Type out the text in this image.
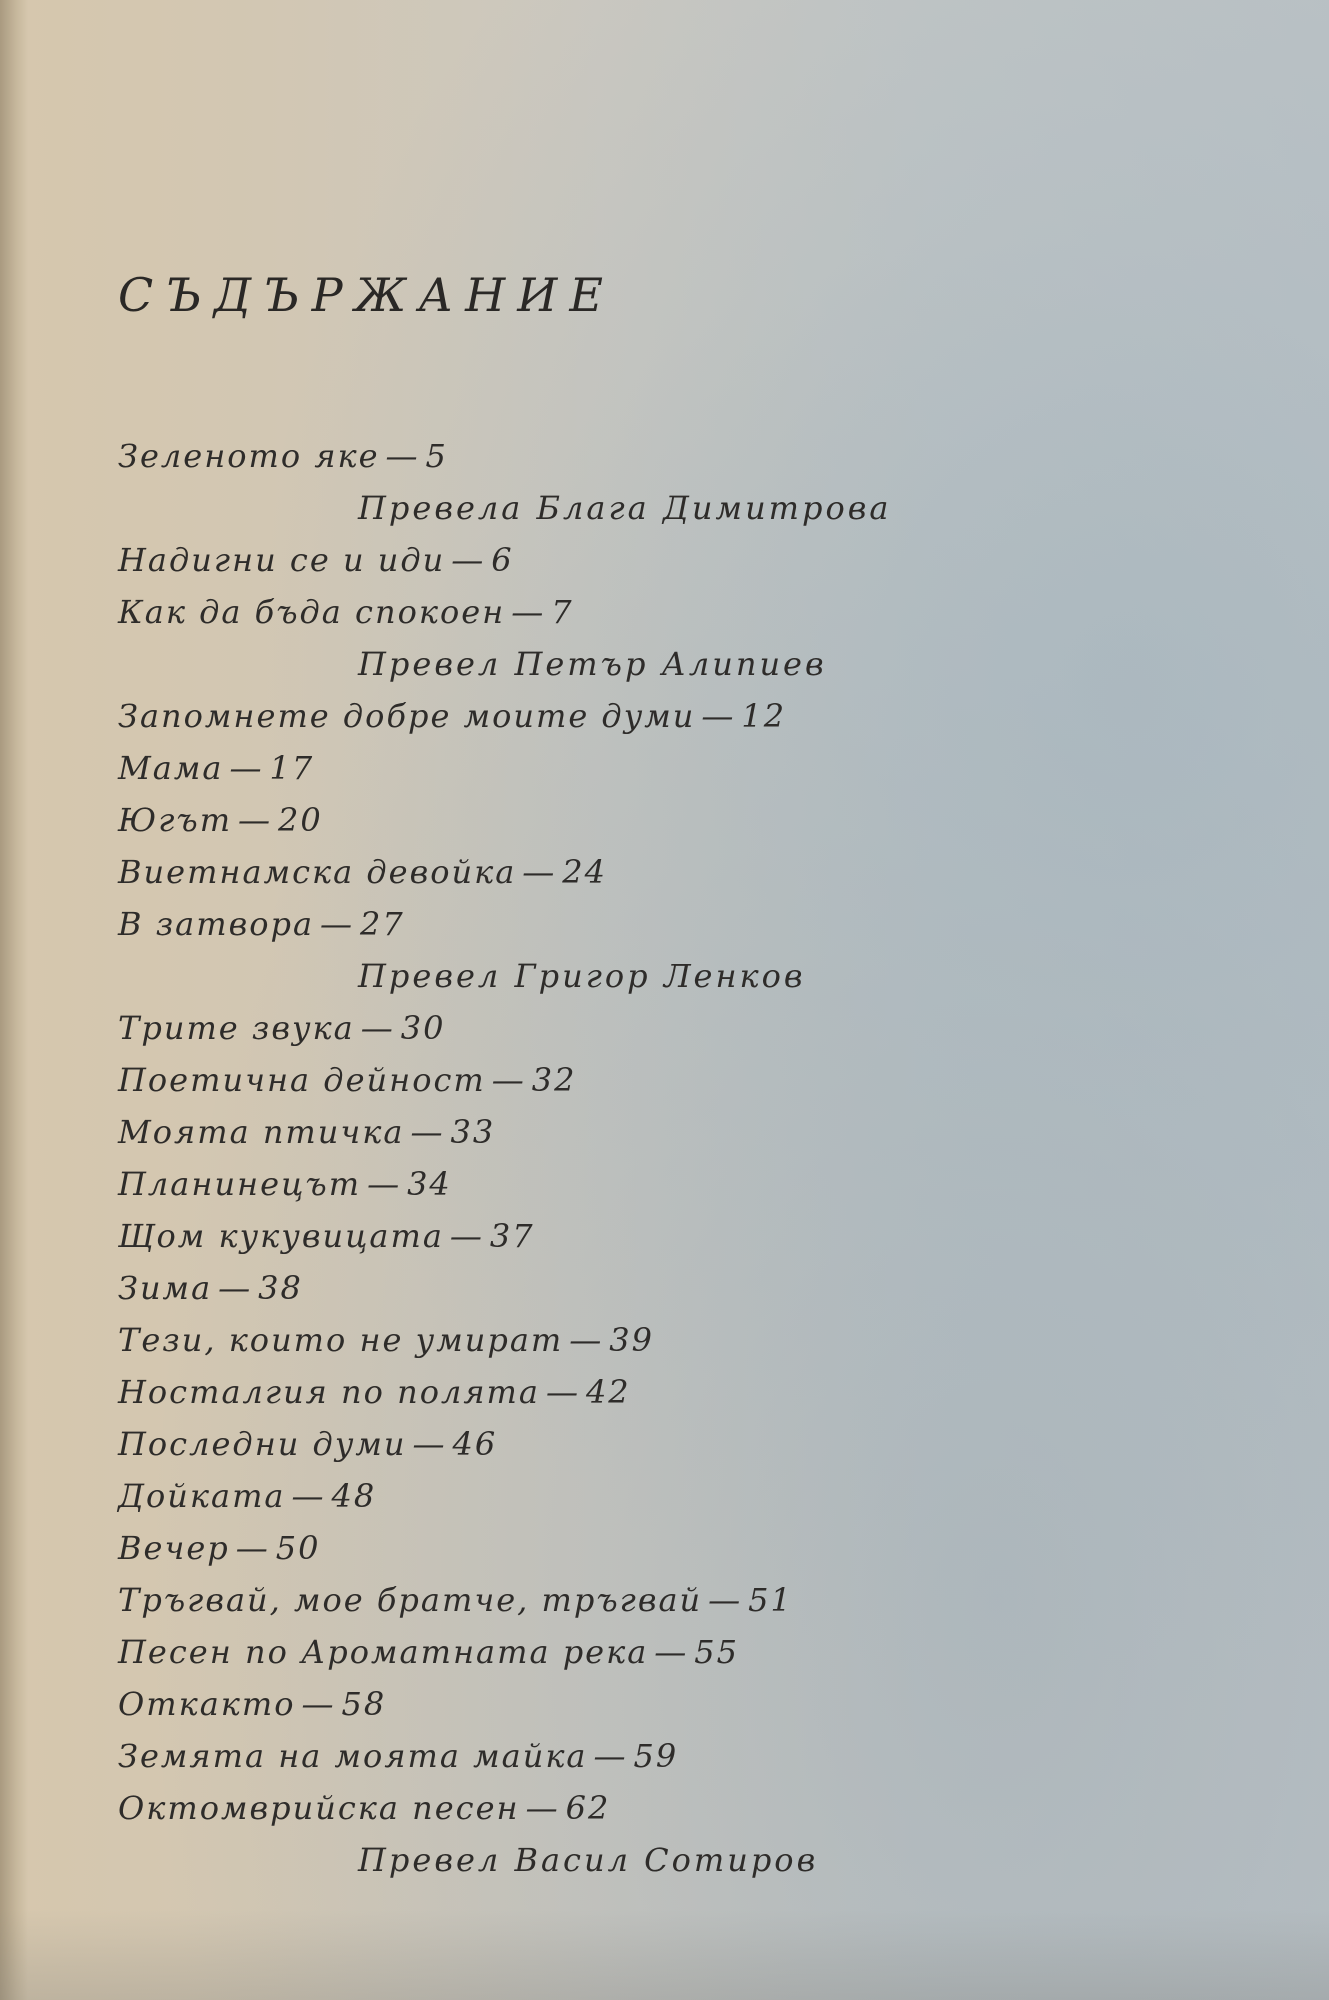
СЪДЪРЖАНИЕ
Зеленото яке — 5
Превела Блага Димитрова
Надигни се и иди — 6
Как да бъда спокоен — 7
Превел Петър Алипиев
Запомнете добре моите думи — 12
Мама — 17
Югът — 20
Виетнамска девойка — 24
В затвора — 27
Превел Григор Ленков
Трите звука — 30
Поетична дейност — 32
Моята птичка — 33
Планинецът — 34
Щом кукувицата — 37
Зима — 38
Тези, които не умират — 39
Носталгия по полята — 42
Последни думи — 46
Дойката — 48
Вечер — 50
Тръгвай, мое братче, тръгвай — 51
Песен по Ароматната река — 55
Откакто — 58
Земята на моята майка — 59
Октомврийска песен — 62
Превел Васил Сотиров
